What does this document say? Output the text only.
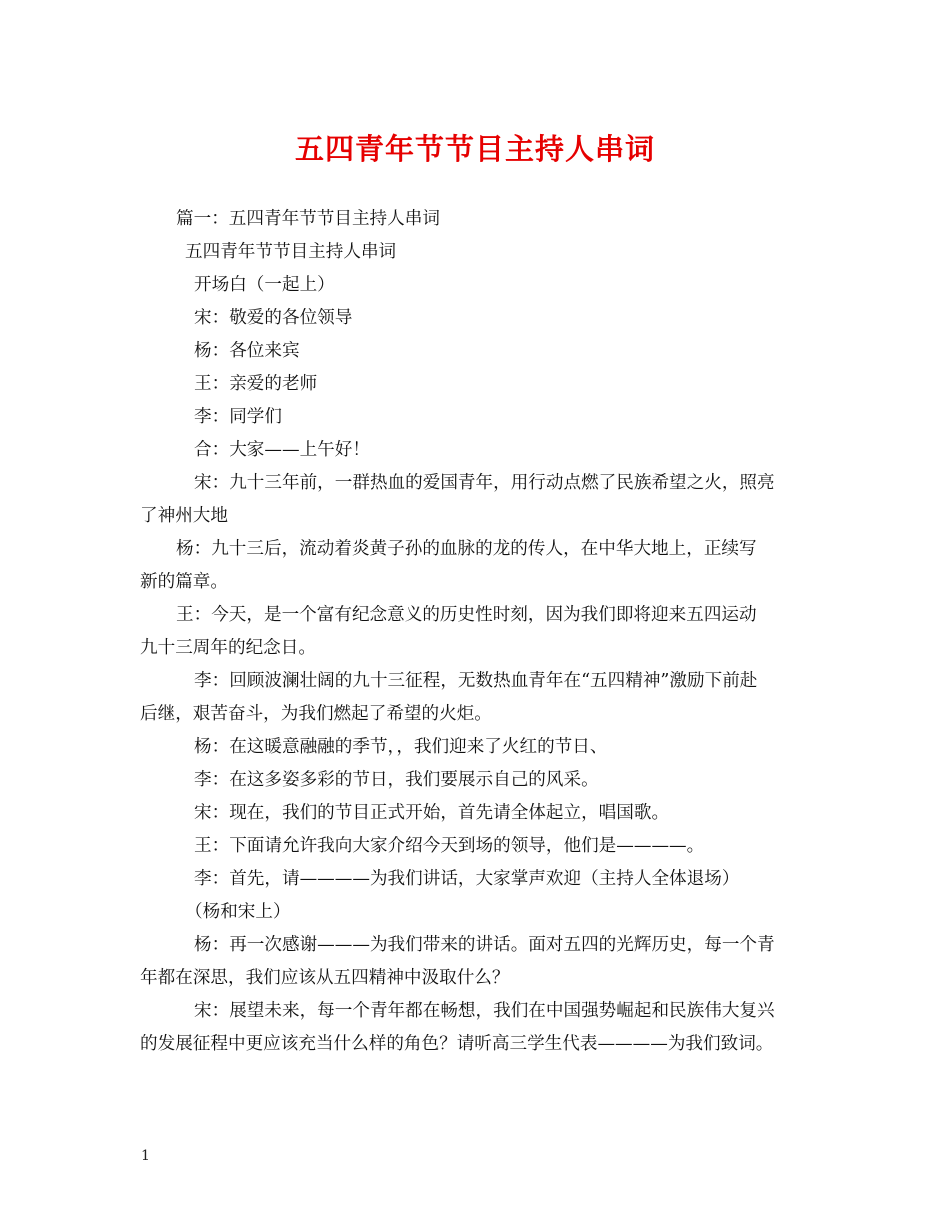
五四青年节节目主持人串词
篇一：五四青年节节目主持人串词
五四青年节节目主持人串词
开场白（一起上）
宋：敬爱的各位领导
杨：各位来宾
王：亲爱的老师
李：同学们
合：大家——上午好！
宋：九十三年前，一群热血的爱国青年，用行动点燃了民族希望之火，照亮
了神州大地
杨：九十三后，流动着炎黄子孙的血脉的龙的传人，在中华大地上，正续写
新的篇章。
王：今天，是一个富有纪念意义的历史性时刻，因为我们即将迎来五四运动
九十三周年的纪念日。
李：回顾波澜壮阔的九十三征程，无数热血青年在“五四精神”激励下前赴
后继，艰苦奋斗，为我们燃起了希望的火炬。
杨：在这暖意融融的季节，，我们迎来了火红的节日、
李：在这多姿多彩的节日，我们要展示自己的风采。
宋：现在，我们的节目正式开始，首先请全体起立，唱国歌。
王：下面请允许我向大家介绍今天到场的领导，他们是————。
李：首先，请————为我们讲话，大家掌声欢迎（主持人全体退场）
（杨和宋上）
杨：再一次感谢———为我们带来的讲话。面对五四的光辉历史，每一个青
年都在深思，我们应该从五四精神中汲取什么？
宋：展望未来，每一个青年都在畅想，我们在中国强势崛起和民族伟大复兴
的发展征程中更应该充当什么样的角色？请听高三学生代表————为我们致词。
1
